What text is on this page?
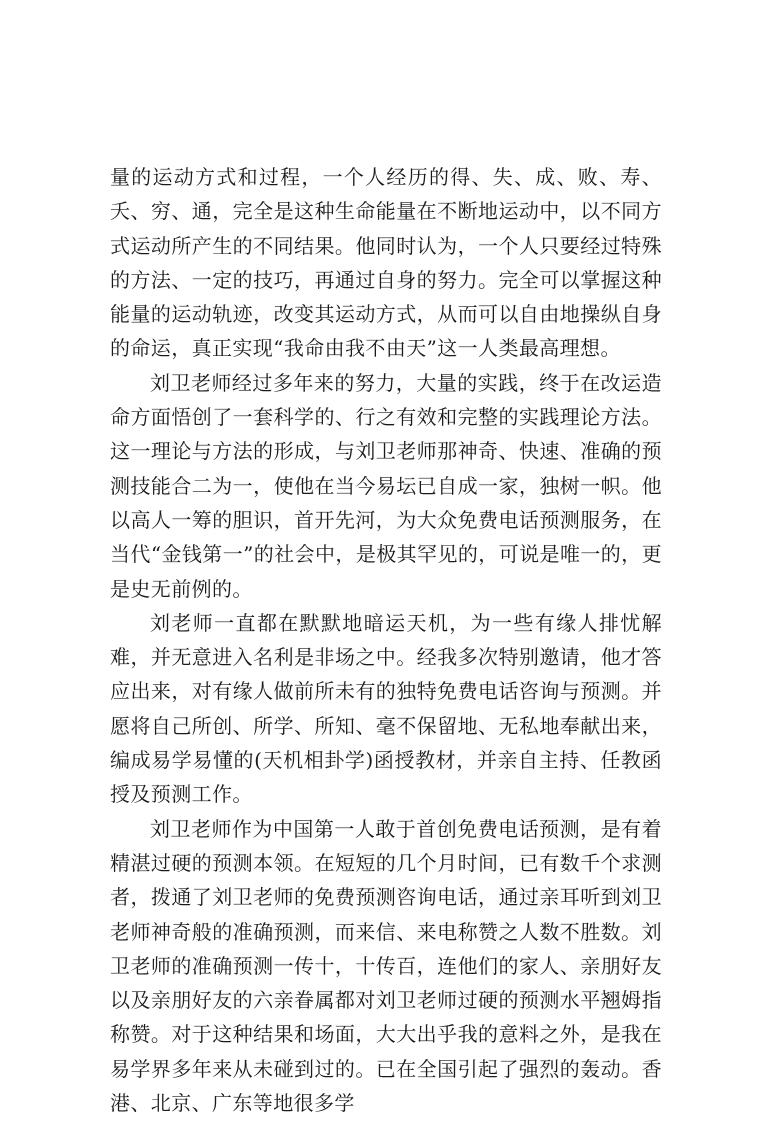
量的运动方式和过程，一个人经历的得、失、成、败、寿、夭、穷、通，完全是这种生命能量在不断地运动中，以不同方式运动所产生的不同结果。他同时认为，一个人只要经过特殊的方法、一定的技巧，再通过自身的努力。完全可以掌握这种能量的运动轨迹，改变其运动方式，从而可以自由地操纵自身的命运，真正实现“我命由我不由天”这一人类最高理想。

刘卫老师经过多年来的努力，大量的实践，终于在改运造命方面悟创了一套科学的、行之有效和完整的实践理论方法。这一理论与方法的形成，与刘卫老师那神奇、快速、准确的预测技能合二为一，使他在当今易坛已自成一家，独树一帜。他以高人一筹的胆识，首开先河，为大众免费电话预测服务，在当代“金钱第一”的社会中，是极其罕见的，可说是唯一的，更是史无前例的。

刘老师一直都在默默地暗运天机，为一些有缘人排忧解难，并无意进入名利是非场之中。经我多次特别邀请，他才答应出来，对有缘人做前所未有的独特免费电话咨询与预测。并愿将自己所创、所学、所知、毫不保留地、无私地奉献出来，编成易学易懂的(天机相卦学)函授教材，并亲自主持、任教函授及预测工作。

刘卫老师作为中国第一人敢于首创免费电话预测，是有着精湛过硬的预测本领。在短短的几个月时间，已有数千个求测者，拨通了刘卫老师的免费预测咨询电话，通过亲耳听到刘卫老师神奇般的准确预测，而来信、来电称赞之人数不胜数。刘卫老师的准确预测一传十，十传百，连他们的家人、亲朋好友以及亲朋好友的六亲眷属都对刘卫老师过硬的预测水平翘姆指称赞。对于这种结果和场面，大大出乎我的意料之外，是我在易学界多年来从未碰到过的。已在全国引起了强烈的轰动。香港、北京、广东等地很多学
